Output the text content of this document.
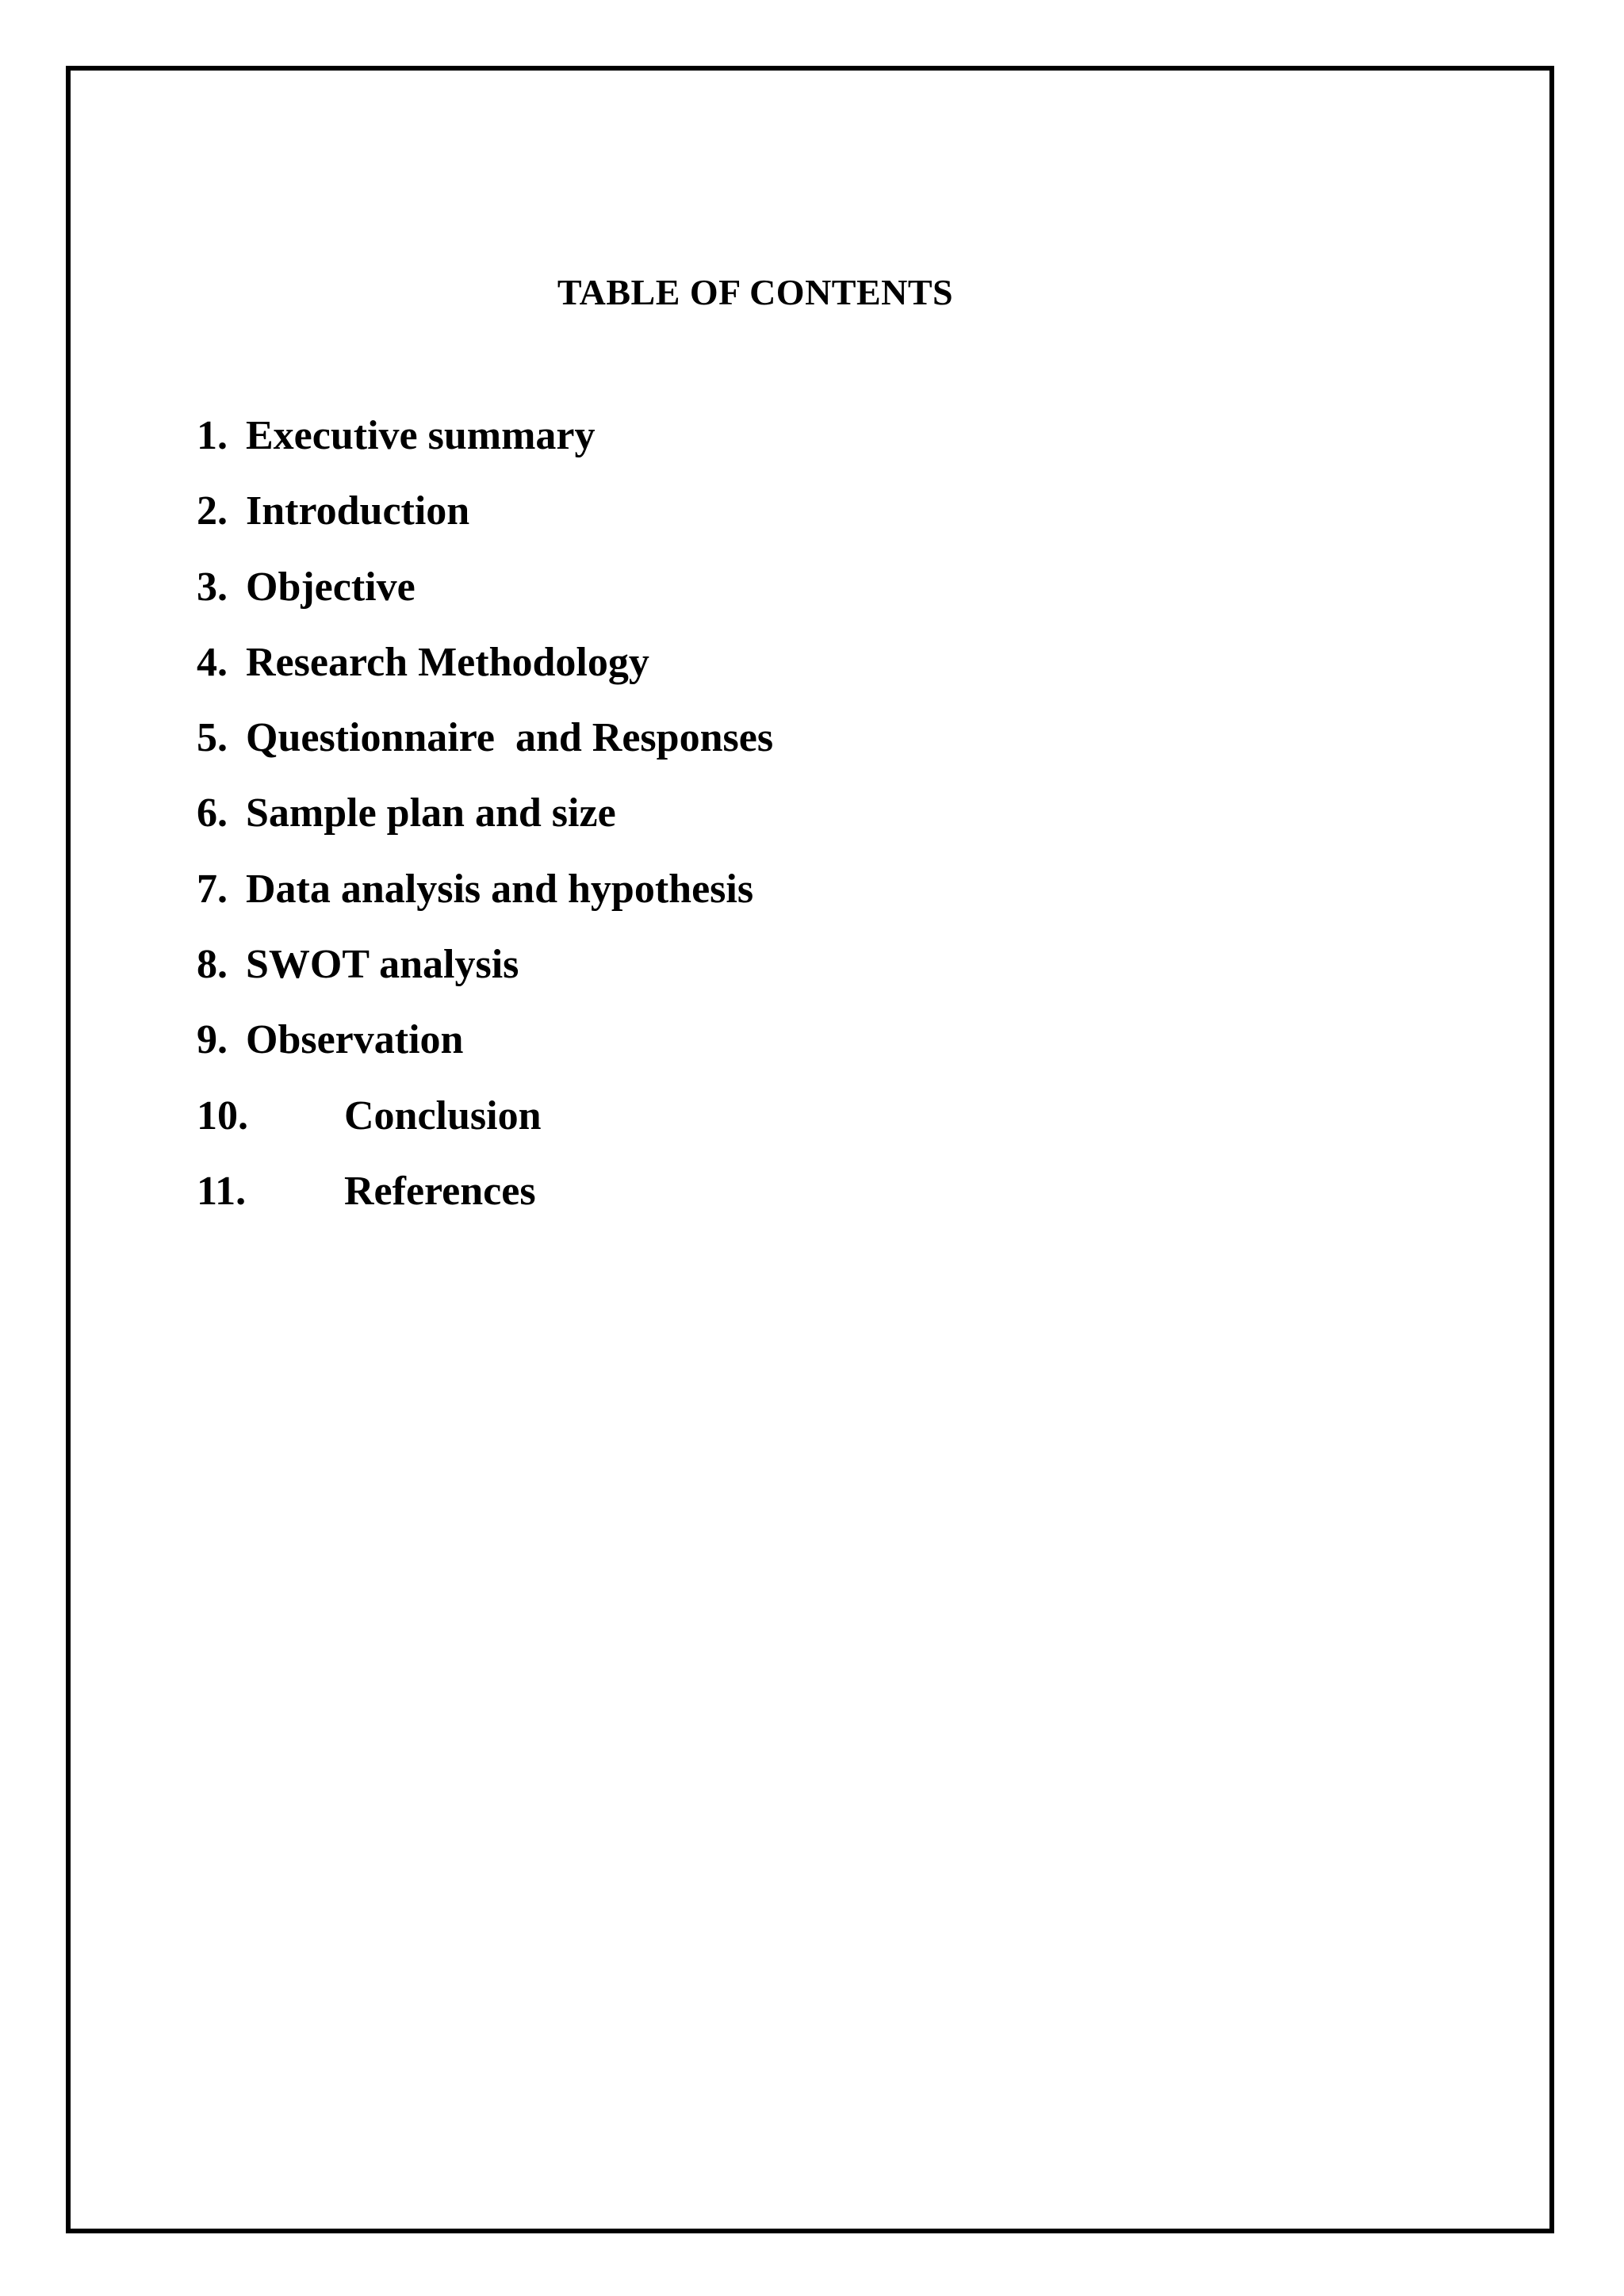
TABLE OF CONTENTS
1. Executive summary
2. Introduction
3. Objective
4. Research Methodology
5. Questionnaire  and Responses
6. Sample plan and size
7. Data analysis and hypothesis
8. SWOT analysis
9. Observation
10. Conclusion
11. References
